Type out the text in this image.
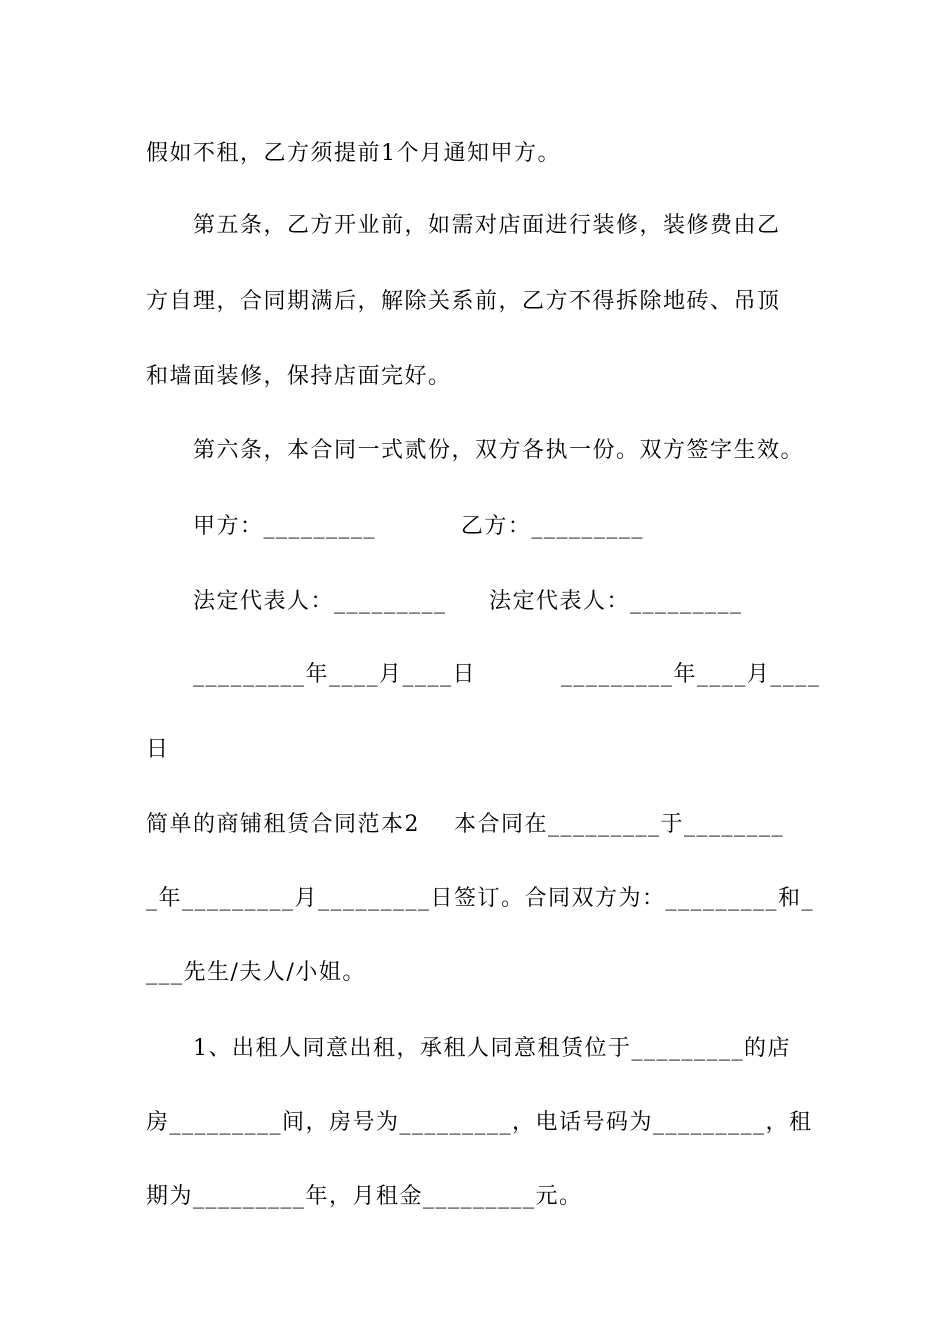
假如不租，乙方须提前1个月通知甲方。
第五条，乙方开业前，如需对店面进行装修，装修费由乙
方自理，合同期满后，解除关系前，乙方不得拆除地砖、吊顶
和墙面装修，保持店面完好。
第六条，本合同一式贰份，双方各执一份。双方签字生效。
甲方：_________          乙方：_________
法定代表人：_________     法定代表人：_________
_________年____月____日          _________年____月____
日
简单的商铺租赁合同范本2    本合同在_________于________
_年_________月_________日签订。合同双方为：_________和_
___先生/夫人/小姐。
1、出租人同意出租，承租人同意租赁位于_________的店
房_________间，房号为_________，电话号码为_________，租
期为_________年，月租金_________元。
